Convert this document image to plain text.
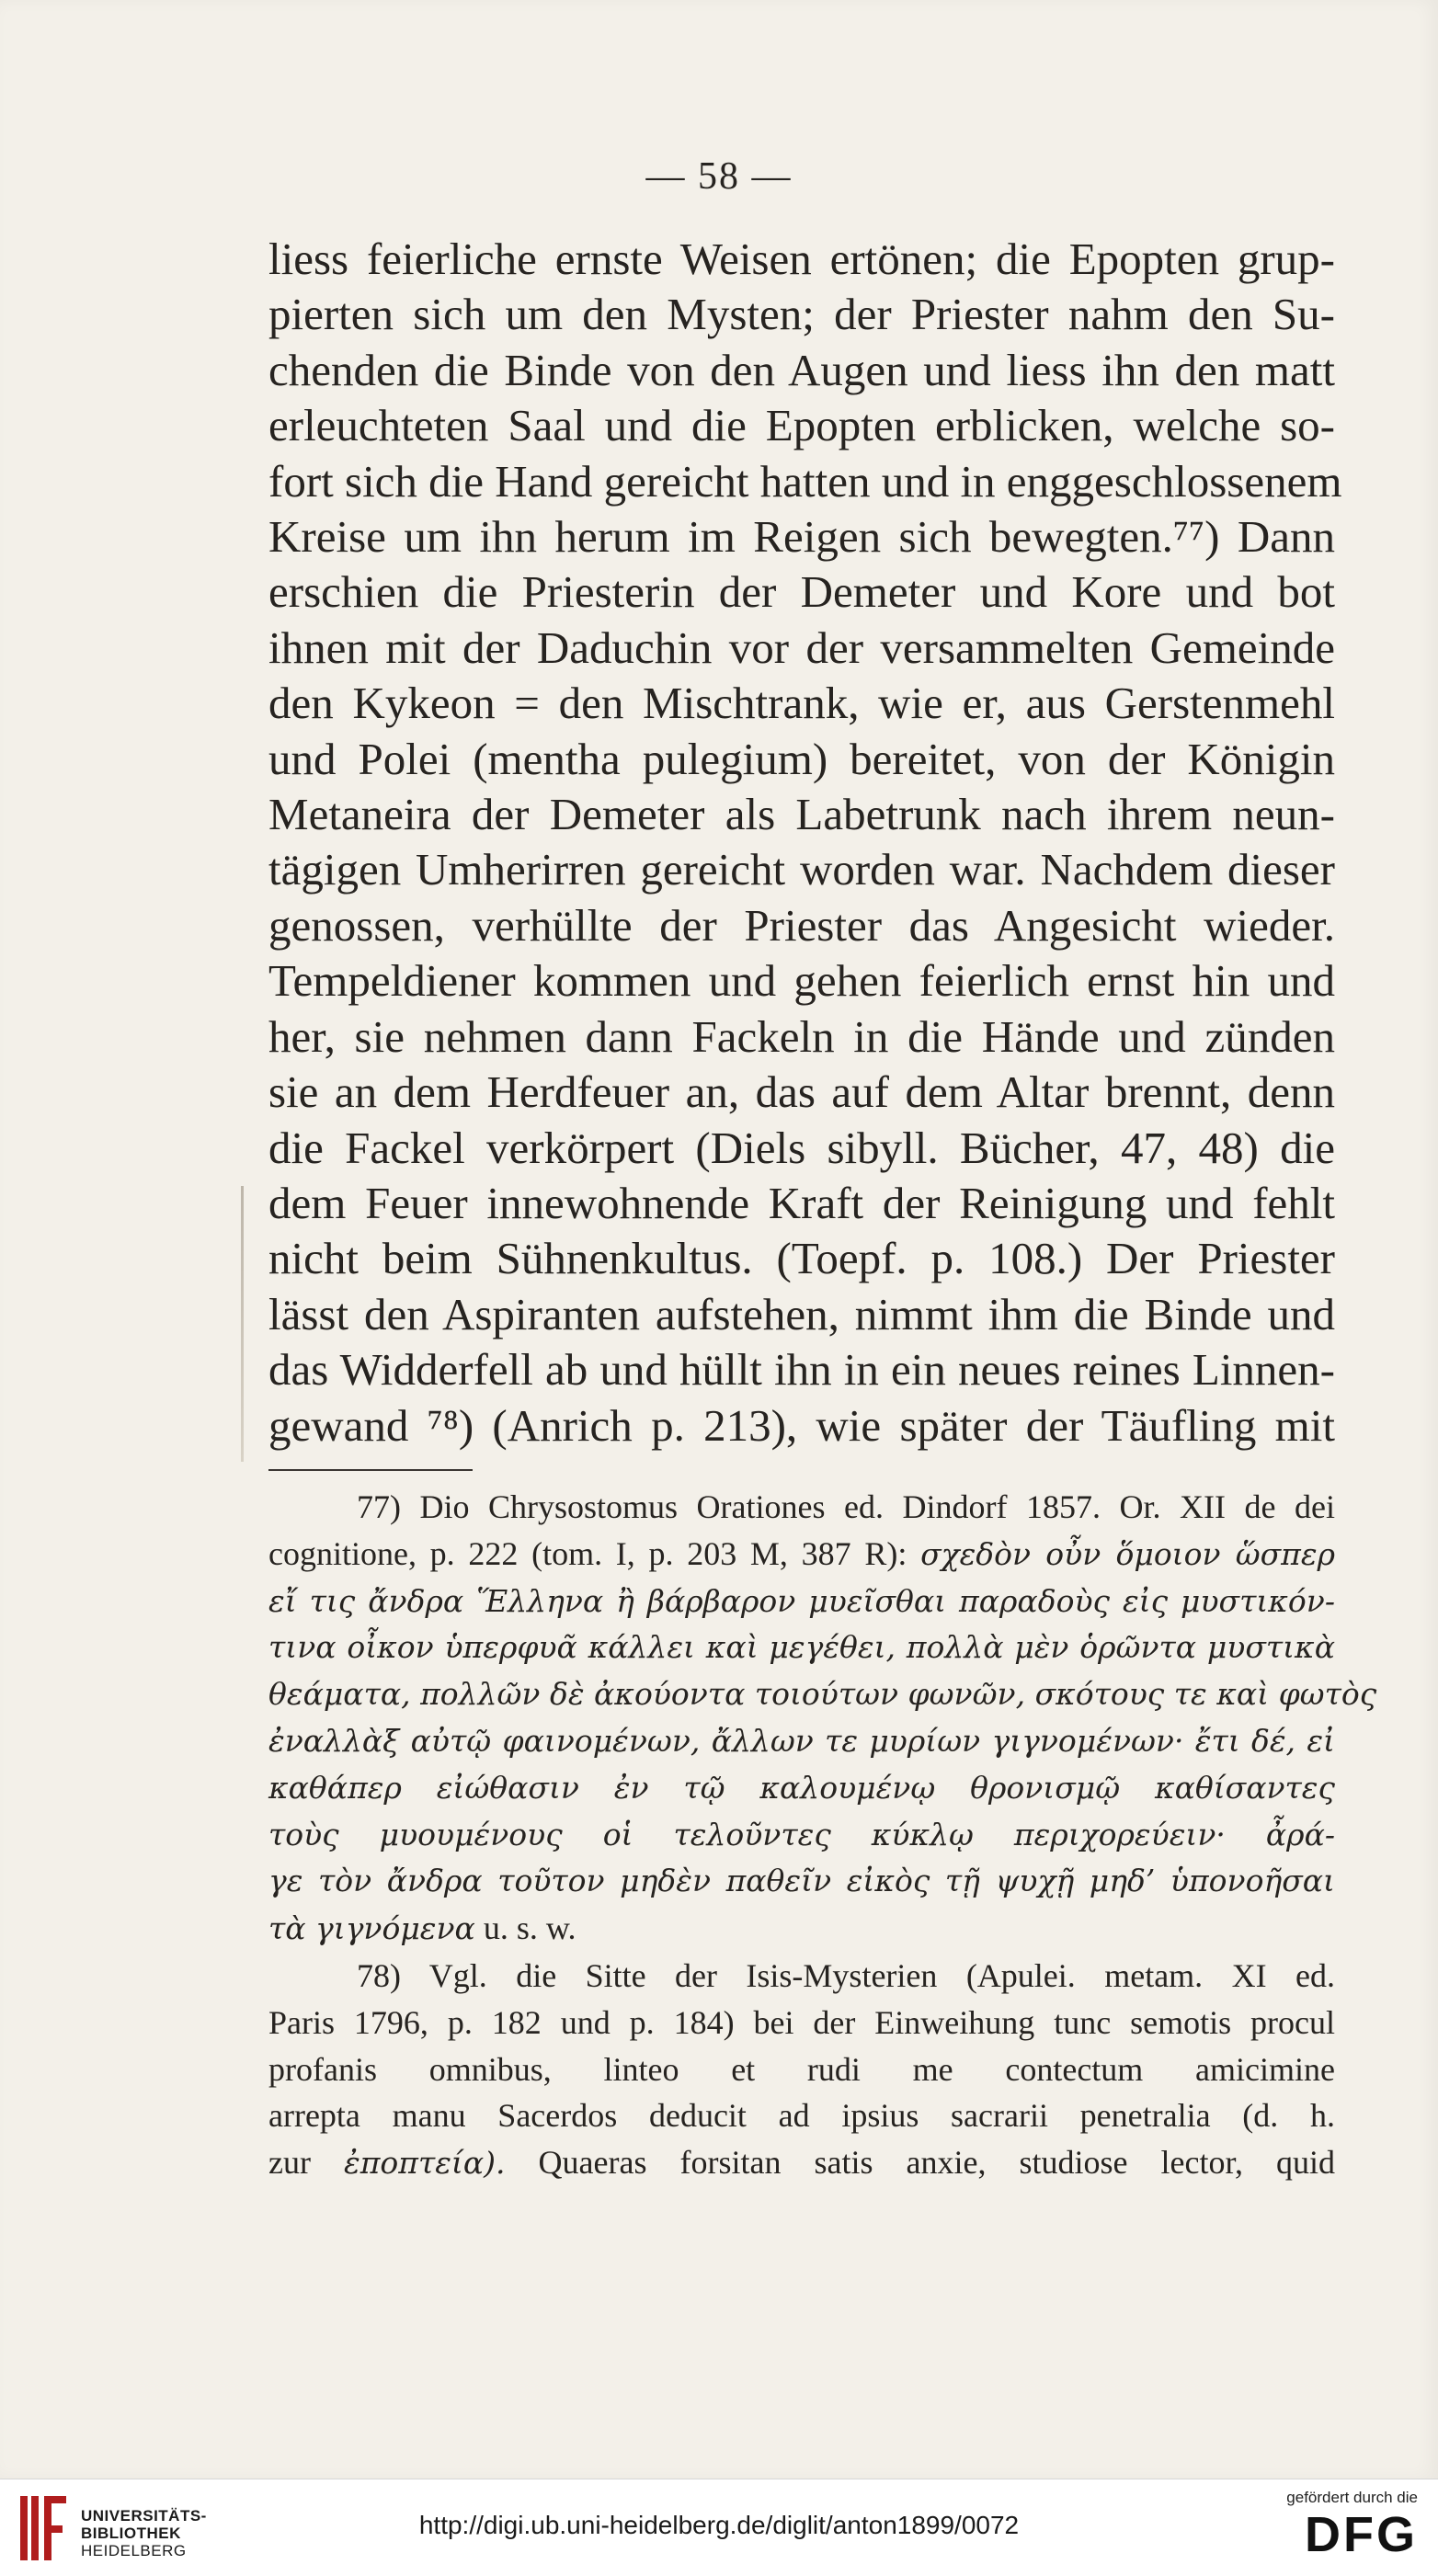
— 58 —
liess feierliche ernste Weisen ertönen; die Epopten grup-
pierten sich um den Mysten; der Priester nahm den Su-
chenden die Binde von den Augen und liess ihn den matt
erleuchteten Saal und die Epopten erblicken, welche so-
fort sich die Hand gereicht hatten und in enggeschlossenem
Kreise um ihn herum im Reigen sich bewegten.⁷⁷) Dann
erschien die Priesterin der Demeter und Kore und bot
ihnen mit der Daduchin vor der versammelten Gemeinde
den Kykeon = den Mischtrank, wie er, aus Gerstenmehl
und Polei (mentha pulegium) bereitet, von der Königin
Metaneira der Demeter als Labetrunk nach ihrem neun-
tägigen Umherirren gereicht worden war. Nachdem dieser
genossen, verhüllte der Priester das Angesicht wieder.
Tempeldiener kommen und gehen feierlich ernst hin und
her, sie nehmen dann Fackeln in die Hände und zünden
sie an dem Herdfeuer an, das auf dem Altar brennt, denn
die Fackel verkörpert (Diels sibyll. Bücher, 47, 48) die
dem Feuer innewohnende Kraft der Reinigung und fehlt
nicht beim Sühnenkultus. (Toepf. p. 108.) Der Priester
lässt den Aspiranten aufstehen, nimmt ihm die Binde und
das Widderfell ab und hüllt ihn in ein neues reines Linnen-
gewand ⁷⁸) (Anrich p. 213), wie später der Täufling mit
77) Dio Chrysostomus Orationes ed. Dindorf 1857. Or. XII de dei
cognitione, p. 222 (tom. I, p. 203 M, 387 R): σχεδὸν οὖν ὅμοιον ὥσπερ
εἴ τις ἄνδρα Ἕλληνα ἢ βάρβαρον μυεῖσθαι παραδοὺς εἰς μυστικόν-
τινα οἶκον ὑπερφυᾶ κάλλει καὶ μεγέθει, πολλὰ μὲν ὁρῶντα μυστικὰ
θεάματα, πολλῶν δὲ ἀκούοντα τοιούτων φωνῶν, σκότους τε καὶ φωτὸς
ἐναλλὰξ αὐτῷ φαινομένων, ἄλλων τε μυρίων γιγνομένων· ἔτι δέ, εἰ
καθάπερ εἰώθασιν ἐν τῷ καλουμένῳ θρονισμῷ καθίσαντες
τοὺς μυουμένους οἱ τελοῦντες κύκλῳ περιχορεύειν· ἆρά-
γε τὸν ἄνδρα τοῦτον μηδὲν παθεῖν εἰκὸς τῇ ψυχῇ μηδ’ ὑπονοῆσαι
τὰ γιγνόμενα u. s. w.
78) Vgl. die Sitte der Isis-Mysterien (Apulei. metam. XI ed.
Paris 1796, p. 182 und p. 184) bei der Einweihung tunc semotis procul
profanis omnibus, linteo et rudi me contectum amicimine
arrepta manu Sacerdos deducit ad ipsius sacrarii penetralia (d. h.
zur ἐποπτεία). Quaeras forsitan satis anxie, studiose lector, quid
UNIVERSITÄTS-
BIBLIOTHEK
HEIDELBERG
http://digi.ub.uni-heidelberg.de/diglit/anton1899/0072
gefördert durch die
DFG
